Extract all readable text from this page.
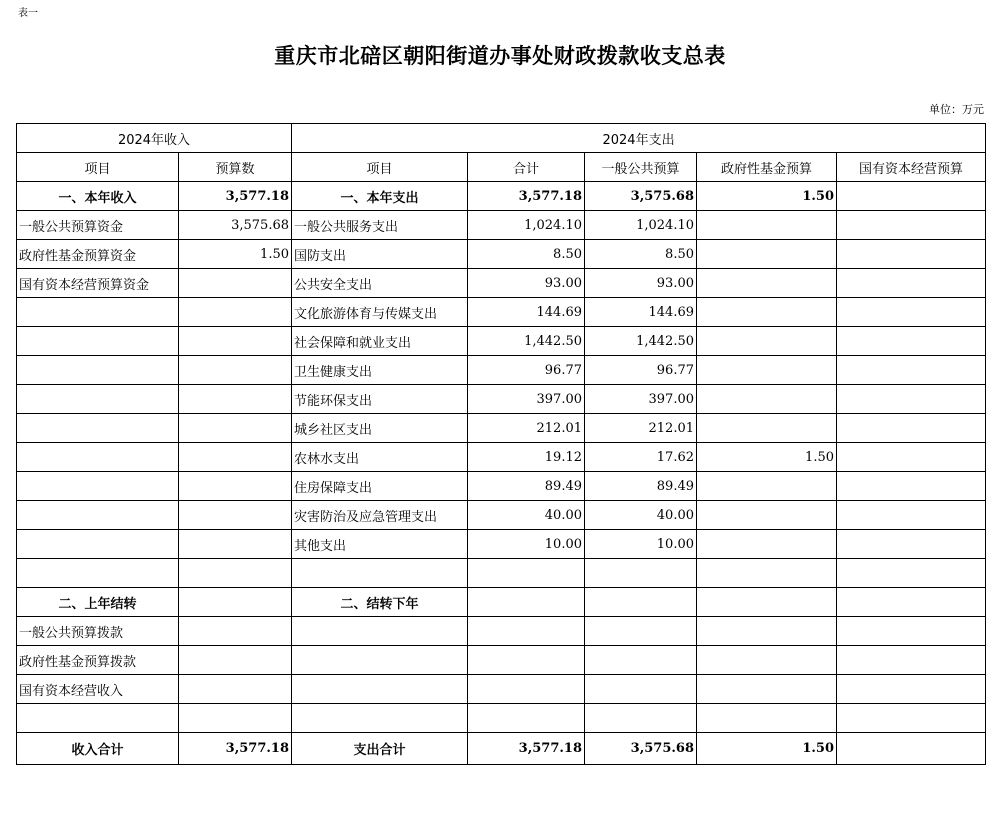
表一
重庆市北碚区朝阳街道办事处财政拨款收支总表
单位：万元
2024年收入		2024年支出				
项目	预算数	项目	合计	一般公共预算	政府性基金预算	国有资本经营预算
一、本年收入	3,577.18	一、本年支出	3,577.18	3,575.68	1.50	
一般公共预算资金	3,575.68	一般公共服务支出	1,024.10	1,024.10		
政府性基金预算资金	1.50	国防支出	8.50	8.50		
国有资本经营预算资金		公共安全支出	93.00	93.00		
		文化旅游体育与传媒支出	144.69	144.69		
		社会保障和就业支出	1,442.50	1,442.50		
		卫生健康支出	96.77	96.77		
		节能环保支出	397.00	397.00		
		城乡社区支出	212.01	212.01		
		农林水支出	19.12	17.62	1.50	
		住房保障支出	89.49	89.49		
		灾害防治及应急管理支出	40.00	40.00		
		其他支出	10.00	10.00		

二、上年结转		二、结转下年				
一般公共预算拨款						
政府性基金预算拨款						
国有资本经营收入						

收入合计	3,577.18	支出合计	3,577.18	3,575.68	1.50	
